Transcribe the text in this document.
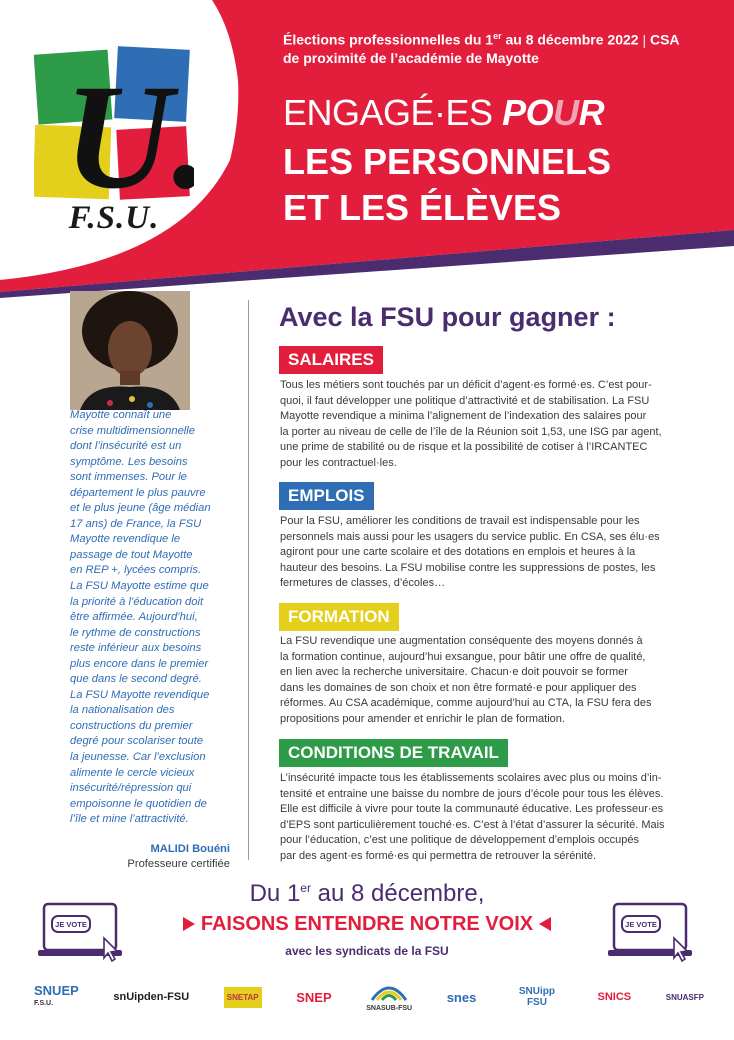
U
F.S.U.
Élections professionnelles du 1er au 8 décembre 2022 | CSA
de proximité de l’académie de Mayotte
ENGAGÉ·ES POUR
LES PERSONNELS
ET LES ÉLÈVES
Mayotte connaît une
crise multidimensionnelle
dont l’insécurité est un
symptôme. Les besoins
sont immenses. Pour le
département le plus pauvre
et le plus jeune (âge médian
17 ans) de France, la FSU
Mayotte revendique le
passage de tout Mayotte
en REP +, lycées compris.
La FSU Mayotte estime que
la priorité à l’éducation doit
être affirmée. Aujourd’hui,
le rythme de constructions
reste inférieur aux besoins
plus encore dans le premier
que dans le second degré.
La FSU Mayotte revendique
la nationalisation des
constructions du premier
degré pour scolariser toute
la jeunesse. Car l’exclusion
alimente le cercle vicieux
insécurité/répression qui
empoisonne le quotidien de
l’île et mine l’attractivité.
MALIDI Bouéni
Professeure certifiée
Avec la FSU pour gagner :
SALAIRES
Tous les métiers sont touchés par un déficit d’agent·es formé·es. C’est pour-
quoi, il faut développer une politique d’attractivité et de stabilisation. La FSU
Mayotte revendique a minima l’alignement de l’indexation des salaires pour
la porter au niveau de celle de l’île de la Réunion soit 1,53, une ISG par agent,
une prime de stabilité ou de risque et la possibilité de cotiser à l’IRCANTEC
pour les contractuel·les.
EMPLOIS
Pour la FSU, améliorer les conditions de travail est indispensable pour les
personnels mais aussi pour les usagers du service public. En CSA, ses élu·es
agiront pour une carte scolaire et des dotations en emplois et heures à la
hauteur des besoins. La FSU mobilise contre les suppressions de postes, les
fermetures de classes, d’écoles…
FORMATION
La FSU revendique une augmentation conséquente des moyens donnés à
la formation continue, aujourd’hui exsangue, pour bâtir une offre de qualité,
en lien avec la recherche universitaire. Chacun·e doit pouvoir se former
dans les domaines de son choix et non être formaté·e pour appliquer des
réformes. Au CSA académique, comme aujourd’hui au CTA, la FSU fera des
propositions pour amender et enrichir le plan de formation.
CONDITIONS DE TRAVAIL
L’insécurité impacte tous les établissements scolaires avec plus ou moins d’in-
tensité et entraine une baisse du nombre de jours d’école pour tous les élèves.
Elle est difficile à vivre pour toute la communauté éducative. Les professeur·es
d’EPS sont particulièrement touché·es. C’est à l’état d’assurer la sécurité. Mais
pour l’éducation, c’est une politique de développement d’emplois occupés
par des agent·es formé·es qui permettra de retrouver la sérénité.
Du 1er au 8 décembre,
FAISONS ENTENDRE NOTRE VOIX
avec les syndicats de la FSU
JE VOTE	JE VOTE
SNUEP
F.S.U.
snUipden-FSU	SNETAP	SNEP
SNASUB-FSU
snes	SNUipp FSU	SNICS	SNUASFP
